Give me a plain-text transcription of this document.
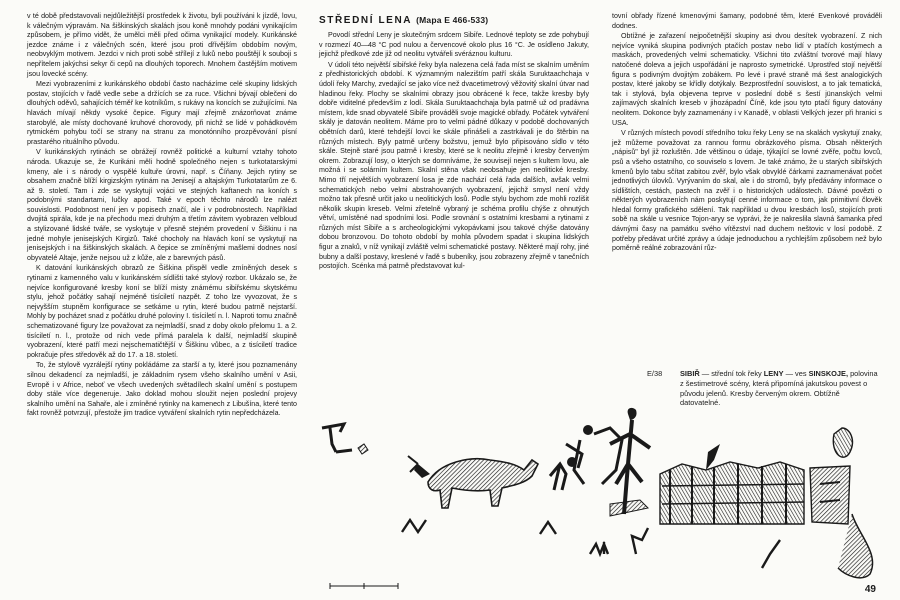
v té době představovali nejdůležitější prostředek k životu, byli používáni k jízdě, lovu, k válečným výpravám. Na šiškinských skalách jsou koně mnohdy podáni vynikajícím způsobem, je přímo vidět, že umělci měli před očima vynikající modely. Kurikánské jezdce známe i z válečných scén, které jsou proti dřívějším obdobím novým, neobvyklým motivem. Jezdci v nich proti sobě střílejí z luků nebo pouštějí k souboji s nepřítelem jakýchsi sekyr či cepů na dlouhých toporech. Mnohem častějším motivem jsou lovecké scény.

Mezi vyobrazeními z kurikánského období často nacházíme celé skupiny lidských postav, stojících v řadě vedle sebe a držících se za ruce. Všichni bývají oblečeni do dlouhých oděvů, sahajících téměř ke kotníkům, s rukávy na koncích se zužujícími. Na hlavách mívají někdy vysoké čepice. Figury mají zřejmě znázorňovat známe starobylé, ale místy dochované kruhové chorovody, při nichž se lidé v pohádkovém rytmickém pohybu točí se strany na stranu za monotónního prozpěvování písní prastarého rituálního původu.

V kurikánských rytinách se obrážejí rovněž politické a kulturní vztahy tohoto národa. Ukazuje se, že Kurikáni měli hodně společného nejen s turkotatarskými kmeny, ale i s národy o vyspělé kultuře úrovni, např. s Číňany. Jejich rytiny se obsahem značně blíží kirgizským rytinám na Jenisejí a altajským Turkotatarům ze 6. až 9. století. Tam i zde se vyskytují vojáci ve stejných kaftanech na koních s podobnými standartami, lučky apod. Také v epoch těchto národů lze nalézt souvislosti. Podobnost není jen v popisech značí, ale i v podrobnostech. Například dvojitá spirála, kde je na přechodu mezi druhým a třetím závitem vyobrazen velbloud a stylizované lidské tváře, se vyskytuje v přesně stejném provedení v Šiškinu i na jedné mohyle jenisejských Kirgizů. Také chocholy na hlavách koní se vyskytují na jenisejských i na šiškinských skalách. A čepice se zmíněnými mašlemi dodnes nosí obyvatelé Altaje, jenže nejsou už z kůže, ale z barevných pásů.

K datování kurikánských obrazů ze Šiškina přispěl vedle zmíněných desek s rytinami z kamenného valu v kurikánském sídlišti také stylový rozbor. Ukázalo se, že nejvíce konfigurované kresby koní se blíží misty známému sibiřskému skytskému stylu, jehož počátky sahají nejméně tisíciletí nazpět. Z toho lze vyvozovat, že s nejvyšším stupněm konfigurace se setkáme u rytin, které budou patrně nejstarší. Mohly by pocházet snad z počátku druhé poloviny I. tisíciletí n. l. Naproti tomu značně schematizované figury lze považovat za nejmladší, snad z doby okolo přelomu 1. a 2. tisíciletí n. l., protože od nich vede přímá paralela k další, nejmladší skupině vyobrazení, které patří mezi nejschematičtější v Šiškinu vůbec, a z tisíciletí tradice pokračuje přes středověk až do 17. a 18. století.

To, že stylově vyzrálejší rytiny pokládáme za starší a ty, které jsou poznamenány silnou dekadencí za nejmladší, je základním rysem všeho skalního umění v Asii, Evropě i v Africe, neboť ve všech uvedených světadílech skalní umění s postupem doby stále více degeneruje. Jako doklad mohou sloužit nejen poslední projevy skalního umění na Sahaře, ale i zmíněné rytinky na kamenech z Libušína, které tento fakt rovněž potvrzují, přestože jim tradice vytváření skalních rytin nepředcházela.

STŘEDNÍ LENA (Mapa E 466-533)

Povodí střední Leny je skutečným srdcem Sibiře. Lednové teploty se zde pohybují v rozmezí 40—48 °C pod nulou a červencové okolo plus 16 °C. Je osídleno Jakuty, jejichž předkové zde již od neolitu vytvářeli svéráznou kulturu.

V údolí této největší sibiřské řeky byla nalezena celá řada míst se skalním uměním z předhistorických období. K významným nalezištím patří skála Suruktaachchaja v údolí řeky Marchy, zvedající se jako více než dvacetimetrový věžovitý skalní útvar nad hladinou řeky. Plochy se skalními obrazy jsou obrácené k řece, takže kresby byly dobře viditelné především z lodí. Skála Suruktaachchaja byla patrně už od pradávna místem, kde snad obyvatelé Sibiře prováděli svoje magické obřady. Počátek vytváření skály je datován neolitem. Máme pro to velmi pádné důkazy v podobě dochovaných obětních darů, které tehdejší lovci ke skále přinášeli a zastrkávali je do štěrbin na různých místech. Byly patrně určeny božstvu, jemuž bylo připisováno sídlo v této skále. Stejně staré jsou patrně i kresby, které se k neolitu zřejmě i kresby červeným okrem. Zobrazují losy, o kterých se domníváme, že souvisejí nejen s kultem lovu, ale možná i se solárním kultem. Skalní stěna však neobsahuje jen neolitické kresby. Mimo tří největších vyobrazení losa je zde nachází celá řada dalších, avšak velmi schematických nebo velmi abstrahovaných vyobrazení, jejichž smysl není vždy možno tak přesně určit jako u neolitických losů. Podle stylu bychom zde mohli rozlišit několik skupin kreseb. Velmi zřetelně vybraný je schéma profilu chýše z ohnutých větví, umístěné nad spodními losi. Podle srovnání s ostatními kresbami a rytinami z různých míst Sibiře a s archeologickými vykopávkami jsou takové chýše datovány dobou bronzovou. Do tohoto období by mohla původem spadat i skupina lidských figur a znaků, v níž vynikají zvláště velmi schematické postavy. Některé mají rohy, jiné bubny a další postavy, kreslené v řadě s bubeníky, jsou zobrazeny zřejmě v tanečních postojích. Scénka má patrně představovat kul-

tovní obřady řízené kmenovými šamany, podobné těm, které Evenkové prováděli dodnes.

Obtížné je zařazení nejpočetnější skupiny asi dvou desítek vyobrazení. Z nich nejvíce vyniká skupina podivných ptačích postav nebo lidí v ptačích kostýmech a maskách, provedených velmi schematicky. Všichni tito zvláštní tvorové mají hlavy natočené doleva a jejich uspořádání je naprosto symetrické. Uprostřed stojí největší figura s podivným dvojitým zobákem. Po levé i pravé straně má šest analogických postav, které jakoby se křídly dotýkaly. Bezprostřední souvislost, a to jak tematická, tak i stylová, byla objevena teprve v poslední době s šestí jünanských velmi zajímavých skalních kreseb v jihozápadní Číně, kde jsou tyto ptačí figury datovány neolitem. Dokonce byly zaznamenány i v Kanadě, v oblasti Velkých jezer při hranici s USA.

V různých místech povodí středního toku řeky Leny se na skalách vyskytují znaky, jež můžeme považovat za rannou formu obrázkového písma. Obsah některých „nápisů" byl již rozluštěn. Jde většinou o údaje, týkající se lovné zvěře, počtu lovců, psů a všeho ostatního, co souviselo s lovem. Je také známo, že u starých sibiřských kmenů bylo tabu sčítat zabitou zvěř, bylo však obvyklé čárkami zaznamenávat počet jednotlivých úlovků. Vyrývaním do skal, ale i do stromů, byly předávány informace o sídlištích, cestách, pastech na zvěř i o historických událostech. Dávné povězti o některých vyobrazeních nám poskytují cenné informace o tom, jak primitivní člověk hledal formy grafického sdělení. Tak například u dvou kresbách losů, stojících proti sobě na skále u vesnice Tojon-aryy se vyprávi, že je nakreslila slavná šamanka před dávnými časy na památku svého vítězství nad duchem neštovic v losí podobě. Z potřeby předávat určité zprávy a údaje jednoduchou a rychlejším způsobem než bylo poměrně reálné zobrazování růz-

E/38 SIBIŘ — střední tok řeky LENY — ves SINSKOJE, polovina z šestimetrové scény, která připomíná jakutskou povest o původu jelenů. Kresby červeným okrem. Obtížně datovatelné.
49
